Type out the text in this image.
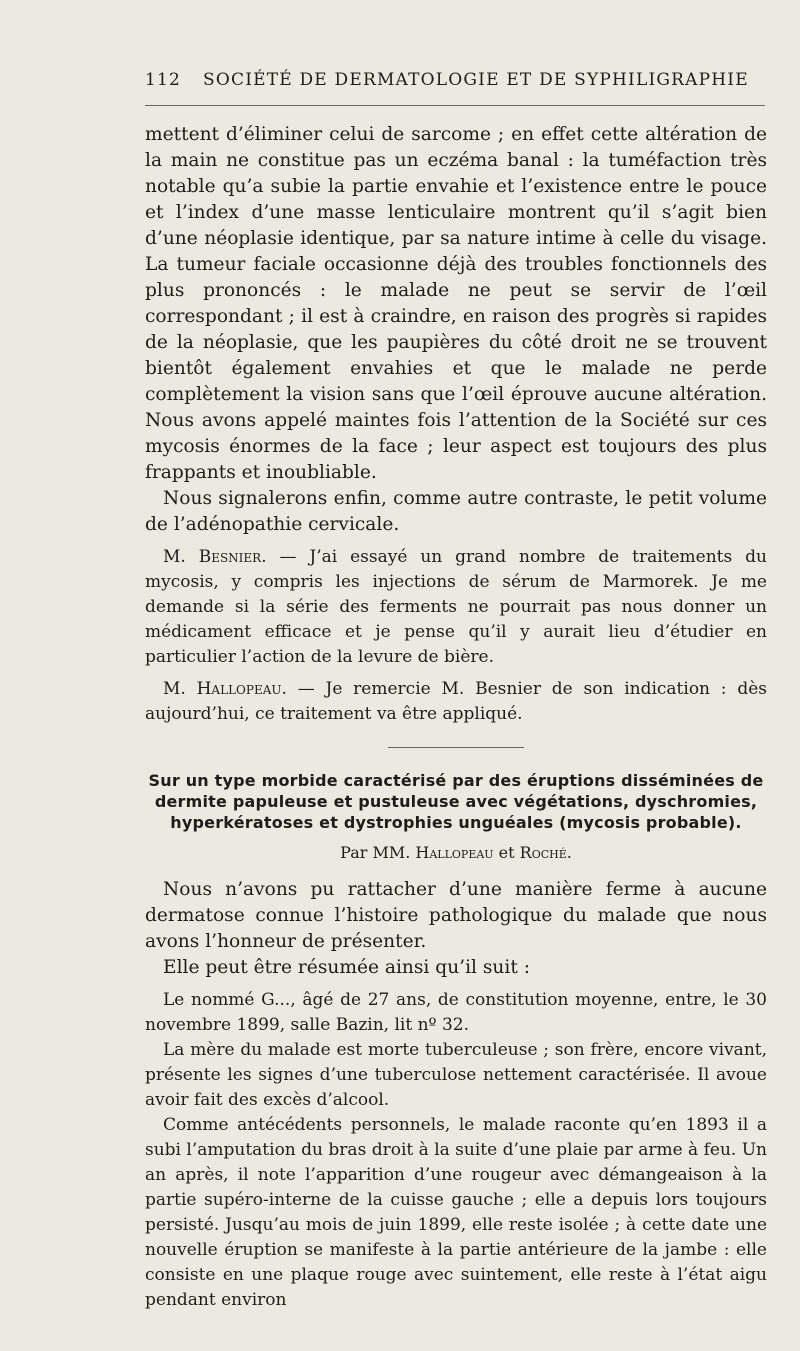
112 SOCIÉTÉ DE DERMATOLOGIE ET DE SYPHILIGRAPHIE

mettent d’éliminer celui de sarcome ; en effet cette altération de la main ne constitue pas un eczéma banal : la tuméfaction très notable qu’a subie la partie envahie et l’existence entre le pouce et l’index d’une masse lenticulaire montrent qu’il s’agit bien d’une néoplasie identique, par sa nature intime à celle du visage. La tumeur faciale occasionne déjà des troubles fonctionnels des plus prononcés : le malade ne peut se servir de l’œil correspondant ; il est à craindre, en raison des progrès si rapides de la néoplasie, que les paupières du côté droit ne se trouvent bientôt également envahies et que le malade ne perde complètement la vision sans que l’œil éprouve aucune altération. Nous avons appelé maintes fois l’attention de la Société sur ces mycosis énormes de la face ; leur aspect est toujours des plus frappants et inoubliable.

Nous signalerons enfin, comme autre contraste, le petit volume de l’adénopathie cervicale.

M. Besnier. — J’ai essayé un grand nombre de traitements du mycosis, y compris les injections de sérum de Marmorek. Je me demande si la série des ferments ne pourrait pas nous donner un médicament efficace et je pense qu’il y aurait lieu d’étudier en particulier l’action de la levure de bière.

M. Hallopeau. — Je remercie M. Besnier de son indication : dès aujourd’hui, ce traitement va être appliqué.

Sur un type morbide caractérisé par des éruptions disséminées de dermite papuleuse et pustuleuse avec végétations, dyschromies, hyperkératoses et dystrophies unguéales (mycosis probable).
Par MM. Hallopeau et Roché.

Nous n’avons pu rattacher d’une manière ferme à aucune dermatose connue l’histoire pathologique du malade que nous avons l’honneur de présenter.

Elle peut être résumée ainsi qu’il suit :

Le nommé G..., âgé de 27 ans, de constitution moyenne, entre, le 30 novembre 1899, salle Bazin, lit nº 32.

La mère du malade est morte tuberculeuse ; son frère, encore vivant, présente les signes d’une tuberculose nettement caractérisée. Il avoue avoir fait des excès d’alcool.

Comme antécédents personnels, le malade raconte qu’en 1893 il a subi l’amputation du bras droit à la suite d’une plaie par arme à feu. Un an après, il note l’apparition d’une rougeur avec démangeaison à la partie supéro-interne de la cuisse gauche ; elle a depuis lors toujours persisté. Jusqu’au mois de juin 1899, elle reste isolée ; à cette date une nouvelle éruption se manifeste à la partie antérieure de la jambe : elle consiste en une plaque rouge avec suintement, elle reste à l’état aigu pendant environ
